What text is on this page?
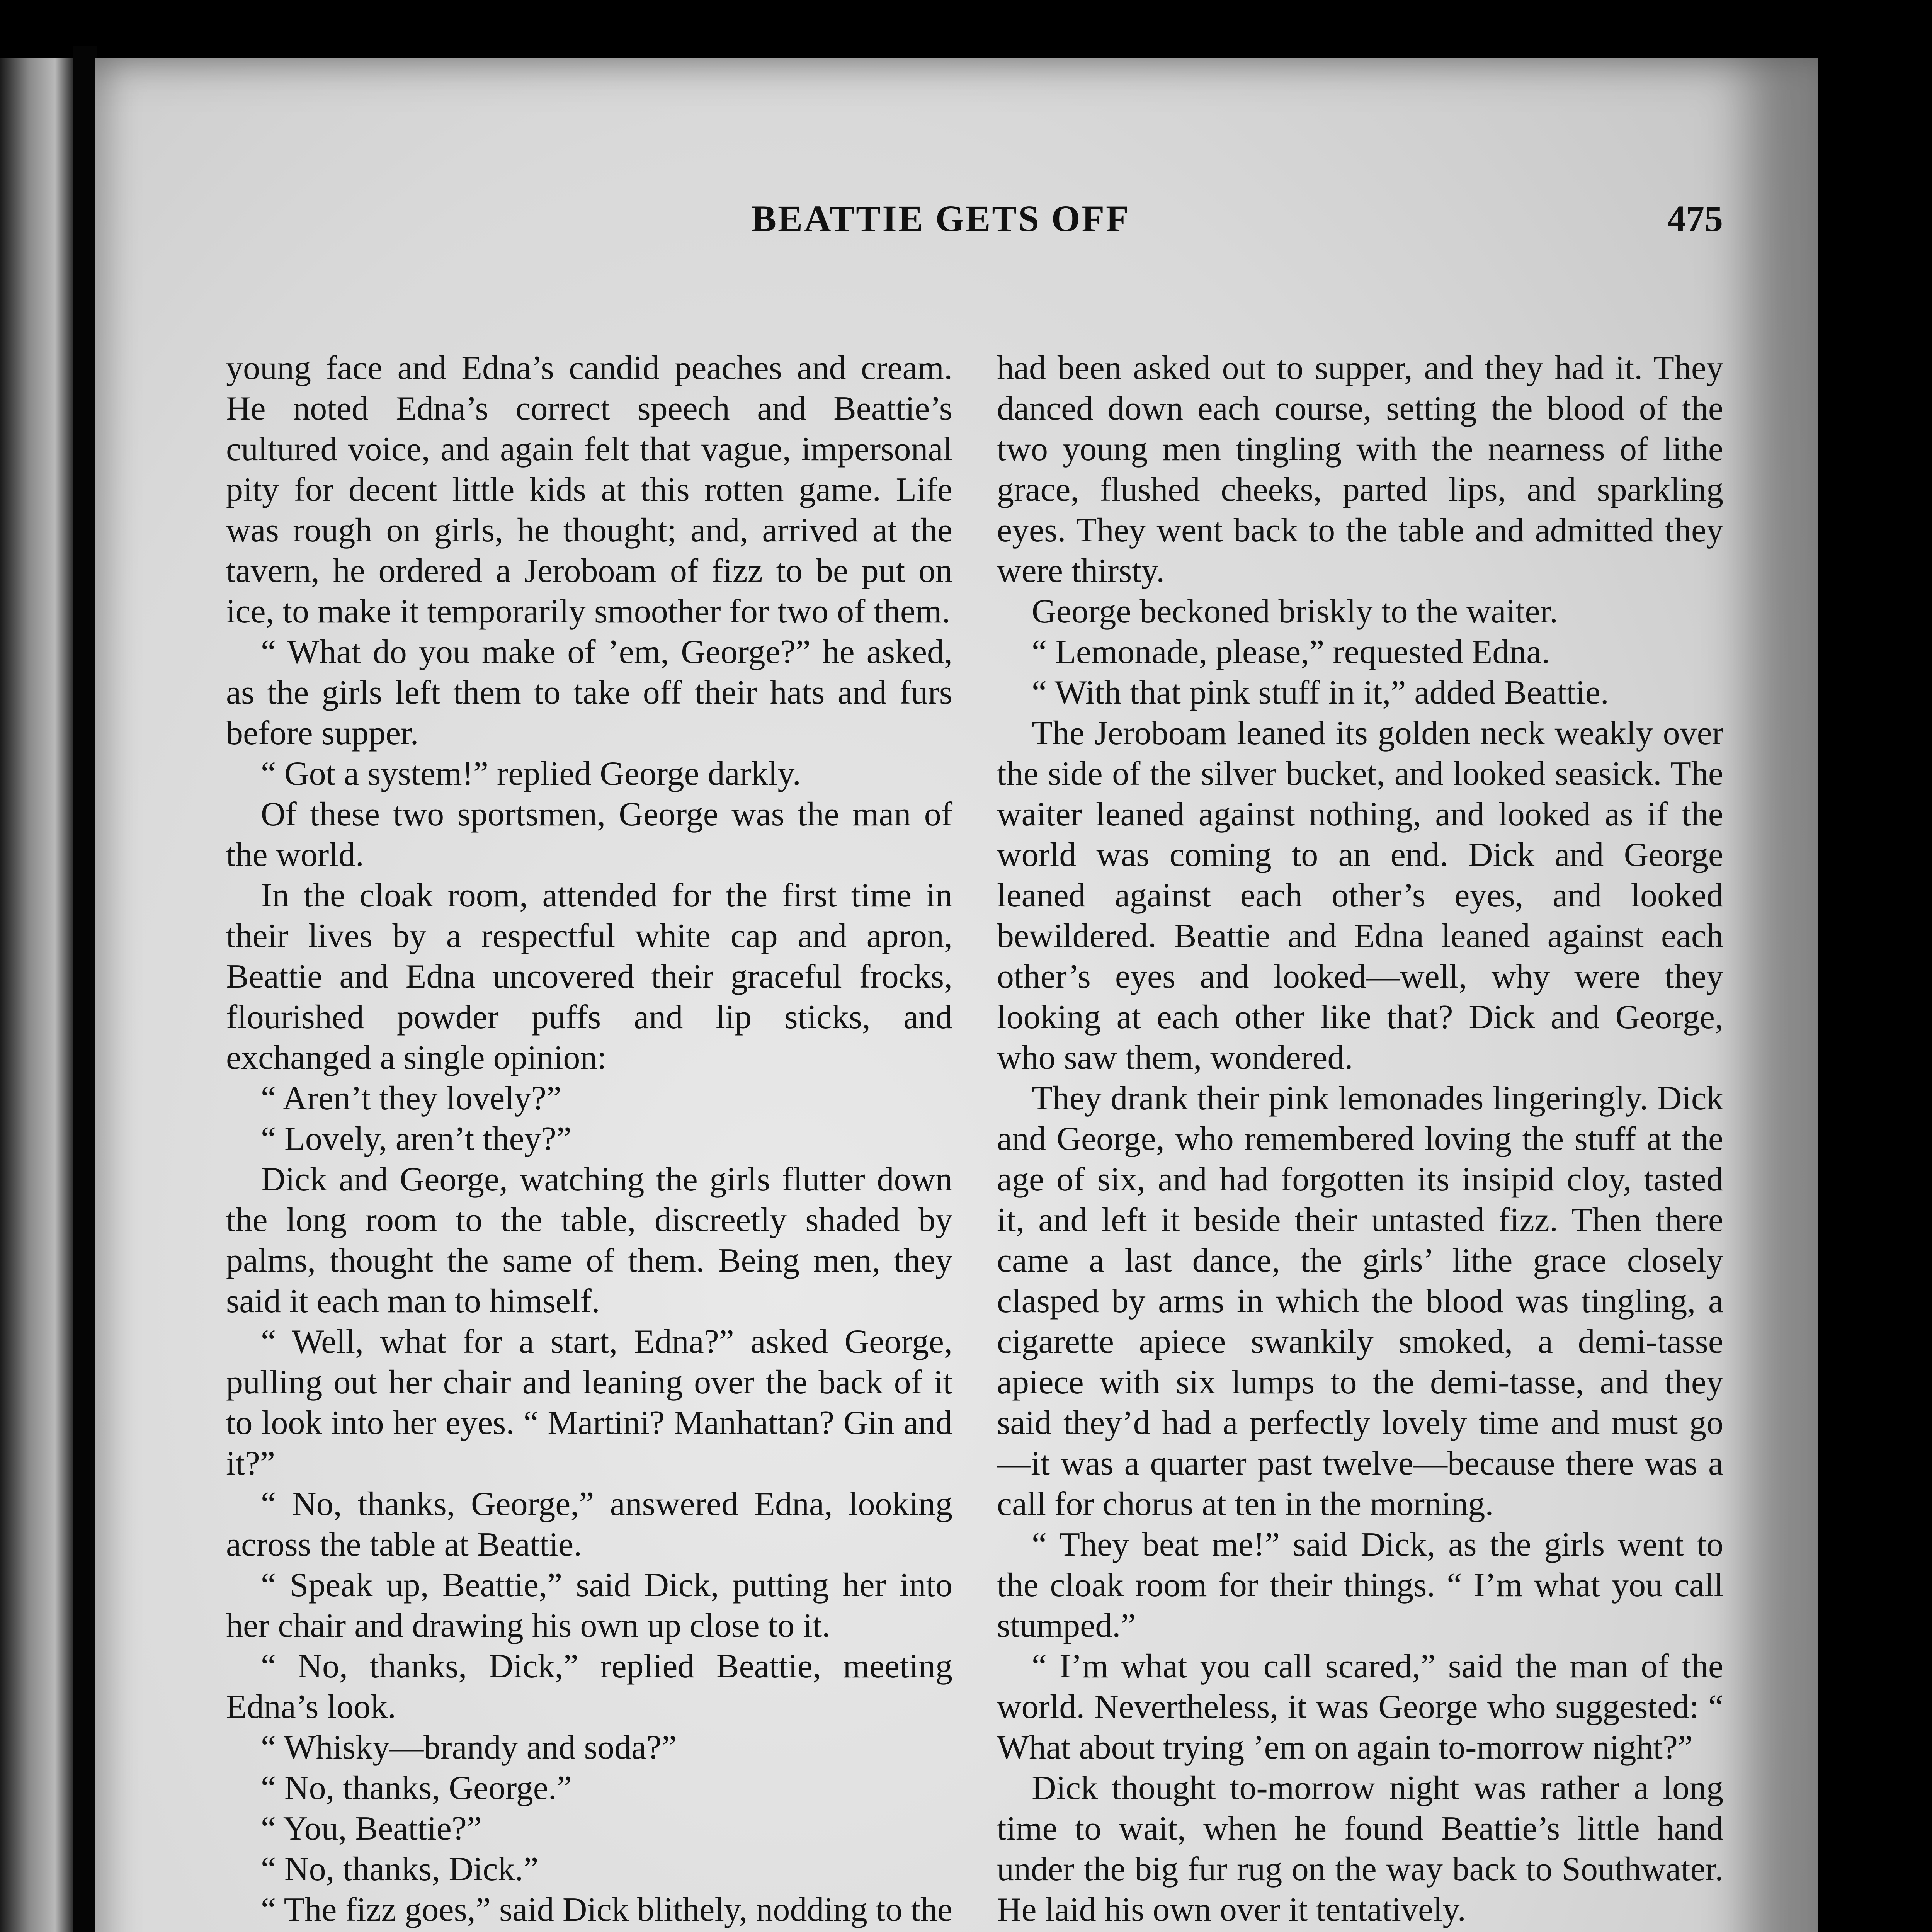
BEATTIE GETS OFF	475

young face and Edna’s candid peaches and cream. He noted Edna’s correct speech and Beattie’s cultured voice, and again felt that vague, impersonal pity for decent little kids at this rotten game. Life was rough on girls, he thought; and, arrived at the tavern, he ordered a Jeroboam of fizz to be put on ice, to make it temporarily smoother for two of them.

“ What do you make of ’em, George?” he asked, as the girls left them to take off their hats and furs before supper.

“ Got a system!” replied George darkly.

Of these two sportsmen, George was the man of the world.

In the cloak room, attended for the first time in their lives by a respectful white cap and apron, Beattie and Edna uncovered their graceful frocks, flourished powder puffs and lip sticks, and exchanged a single opinion:

“ Aren’t they lovely?”

“ Lovely, aren’t they?”

Dick and George, watching the girls flutter down the long room to the table, discreetly shaded by palms, thought the same of them. Being men, they said it each man to himself.

“ Well, what for a start, Edna?” asked George, pulling out her chair and leaning over the back of it to look into her eyes. “ Martini? Manhattan? Gin and it?”

“ No, thanks, George,” answered Edna, looking across the table at Beattie.

“ Speak up, Beattie,” said Dick, putting her into her chair and drawing his own up close to it.

“ No, thanks, Dick,” replied Beattie, meeting Edna’s look.

“ Whisky—brandy and soda?”

“ No, thanks, George.”

“ You, Beattie?”

“ No, thanks, Dick.”

“ The fizz goes,” said Dick blithely, nodding to the

had been asked out to supper, and they had it. They danced down each course, setting the blood of the two young men tingling with the nearness of lithe grace, flushed cheeks, parted lips, and sparkling eyes. They went back to the table and admitted they were thirsty.

George beckoned briskly to the waiter.

“ Lemonade, please,” requested Edna.

“ With that pink stuff in it,” added Beattie.

The Jeroboam leaned its golden neck weakly over the side of the silver bucket, and looked seasick. The waiter leaned against nothing, and looked as if the world was coming to an end. Dick and George leaned against each other’s eyes, and looked bewildered. Beattie and Edna leaned against each other’s eyes and looked—well, why were they looking at each other like that? Dick and George, who saw them, wondered.

They drank their pink lemonades lingeringly. Dick and George, who remembered loving the stuff at the age of six, and had forgotten its insipid cloy, tasted it, and left it beside their untasted fizz. Then there came a last dance, the girls’ lithe grace closely clasped by arms in which the blood was tingling, a cigarette apiece swankily smoked, a demi-tasse apiece with six lumps to the demi-tasse, and they said they’d had a perfectly lovely time and must go—it was a quarter past twelve—because there was a call for chorus at ten in the morning.

“ They beat me!” said Dick, as the girls went to the cloak room for their things. “ I’m what you call stumped.”

“ I’m what you call scared,” said the man of the world. Nevertheless, it was George who suggested: “ What about trying ’em on again to-morrow night?”

Dick thought to-morrow night was rather a long time to wait, when he found Beattie’s little hand under the big fur rug on the way back to Southwater. He laid his own over it tentatively.
